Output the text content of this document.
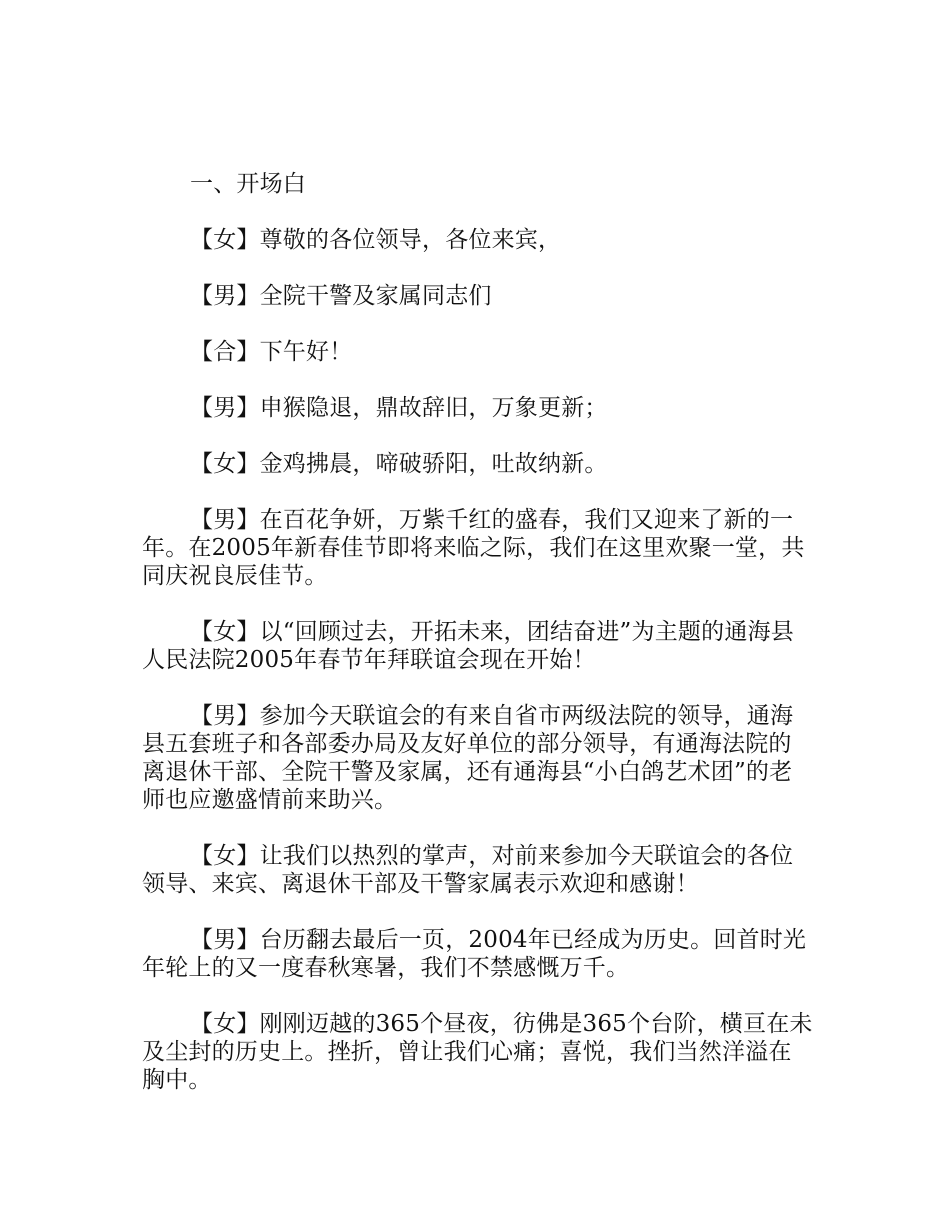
一、开场白

【女】尊敬的各位领导，各位来宾，

【男】全院干警及家属同志们

【合】下午好！

【男】申猴隐退，鼎故辞旧，万象更新；

【女】金鸡拂晨，啼破骄阳，吐故纳新。

【男】在百花争妍，万紫千红的盛春，我们又迎来了新的一年。在2005年新春佳节即将来临之际，我们在这里欢聚一堂，共同庆祝良辰佳节。

【女】以“回顾过去，开拓未来，团结奋进”为主题的通海县人民法院2005年春节年拜联谊会现在开始！

【男】参加今天联谊会的有来自省市两级法院的领导，通海县五套班子和各部委办局及友好单位的部分领导，有通海法院的离退休干部、全院干警及家属，还有通海县“小白鸽艺术团”的老师也应邀盛情前来助兴。

【女】让我们以热烈的掌声，对前来参加今天联谊会的各位领导、来宾、离退休干部及干警家属表示欢迎和感谢！

【男】台历翻去最后一页，2004年已经成为历史。回首时光年轮上的又一度春秋寒暑，我们不禁感慨万千。

【女】刚刚迈越的365个昼夜，彷佛是365个台阶，横亘在未及尘封的历史上。挫折，曾让我们心痛；喜悦，我们当然洋溢在胸中。
